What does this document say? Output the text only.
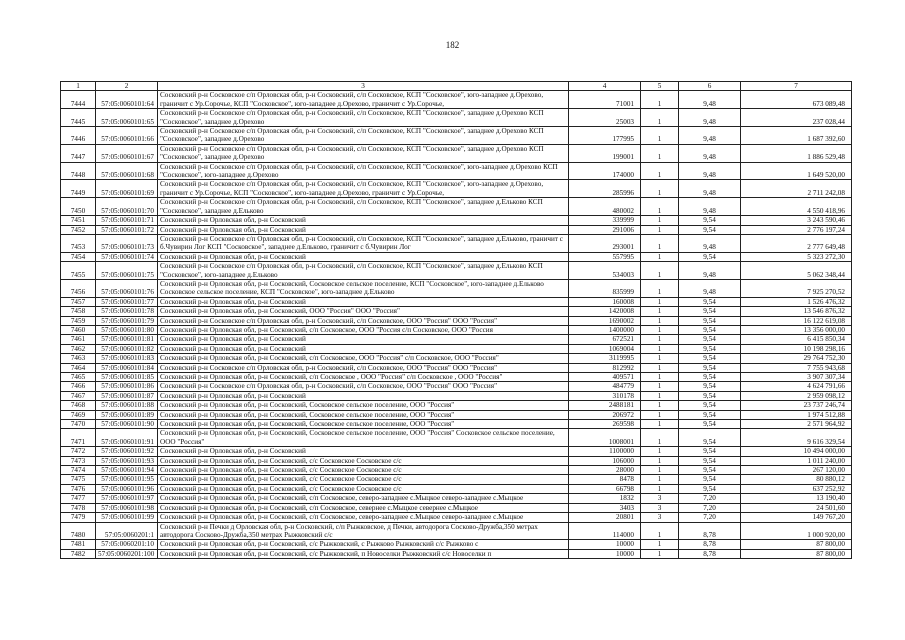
182
1	2	3	4	5	6	7
7444	57:05:0060101:64	Сосковский р-н Сосковское с/п Орловская обл, р-н Сосковский, с/п Сосковское, КСП "Сосковское", юго-западнее д.Орехово, граничит с Ур.Сорочье, КСП "Сосковское", юго-западнее д.Орехово, граничит с Ур.Сорочье,	71001	1	9,48	673 089,48
7445	57:05:0060101:65	Сосковский р-н Сосковское с/п Орловская обл, р-н Сосковский, с/п Сосковское, КСП "Сосковское", западнее д.Орехово КСП "Сосковское", западнее д.Орехово	25003	1	9,48	237 028,44
7446	57:05:0060101:66	Сосковский р-н Сосковское с/п Орловская обл, р-н Сосковский, с/п Сосковское, КСП "Сосковское", западнее д.Орехово КСП "Сосковское", западнее д.Орехово	177995	1	9,48	1 687 392,60
7447	57:05:0060101:67	Сосковский р-н Сосковское с/п Орловская обл, р-н Сосковский, с/п Сосковское, КСП "Сосковское", западнее д.Орехово КСП "Сосковское", западнее д.Орехово	199001	1	9,48	1 886 529,48
7448	57:05:0060101:68	Сосковский р-н Сосковское с/п Орловская обл, р-н Сосковский, с/п Сосковское, КСП "Сосковское", юго-западнее д.Орехово КСП "Сосковское", юго-западнее д.Орехово	174000	1	9,48	1 649 520,00
7449	57:05:0060101:69	Сосковский р-н Сосковское с/п Орловская обл, р-н Сосковский, с/п Сосковское, КСП "Сосковское", юго-западнее д.Орехово, граничит с Ур.Сорочье, КСП "Сосковское", юго-западнее д.Орехово, граничит с Ур.Сорочье,	285996	1	9,48	2 711 242,08
7450	57:05:0060101:70	Сосковский р-н Сосковское с/п Орловская обл, р-н Сосковский, с/п Сосковское, КСП "Сосковское", западнее д.Ельково КСП "Сосковское", западнее д.Ельково	480002	1	9,48	4 550 418,96
7451	57:05:0060101:71	Сосковский р-н Орловская обл, р-н Сосковский	339999	1	9,54	3 243 590,46
7452	57:05:0060101:72	Сосковский р-н Орловская обл, р-н Сосковский	291006	1	9,54	2 776 197,24
7453	57:05:0060101:73	Сосковский р-н Сосковское с/п Орловская обл, р-н Сосковский, с/п Сосковское, КСП "Сосковское", западнее д.Ельково, граничит с б.Чувирин Лог КСП "Сосковское", западнее д.Ельково, граничит с б.Чувирин Лог	293001	1	9,48	2 777 649,48
7454	57:05:0060101:74	Сосковский р-н Орловская обл, р-н Сосковский	557995	1	9,54	5 323 272,30
7455	57:05:0060101:75	Сосковский р-н Сосковское с/п Орловская обл, р-н Сосковский, с/п Сосковское, КСП "Сосковское", западнее д.Ельково КСП "Сосковское", юго-западнее д.Ельково	534003	1	9,48	5 062 348,44
7456	57:05:0060101:76	Сосковский р-н Орловская обл, р-н Сосковский, Сосковское сельское поселение, КСП "Сосковское", юго-западнее д.Ельково Сосковское сельское поселение, КСП "Сосковское", юго-западнее д.Ельково	835999	1	9,48	7 925 270,52
7457	57:05:0060101:77	Сосковский р-н Орловская обл, р-н Сосковский	160008	1	9,54	1 526 476,32
7458	57:05:0060101:78	Сосковский р-н Орловская обл, р-н Сосковский, ООО "Россия" ООО "Россия"	1420008	1	9,54	13 546 876,32
7459	57:05:0060101:79	Сосковский р-н Сосковское с/п Орловская обл, р-н Сосковский, с/п Сосковское, ООО "Россия" ООО "Россия"	1690002	1	9,54	16 122 619,08
7460	57:05:0060101:80	Сосковский р-н Орловская обл, р-н Сосковский, с/п Сосковское, ООО "Россия с/п Сосковское, ООО "Россия	1400000	1	9,54	13 356 000,00
7461	57:05:0060101:81	Сосковский р-н Орловская обл, р-н Сосковский	672521	1	9,54	6 415 850,34
7462	57:05:0060101:82	Сосковский р-н Орловская обл, р-н Сосковский	1069004	1	9,54	10 198 298,16
7463	57:05:0060101:83	Сосковский р-н Орловская обл, р-н Сосковский, с/п Сосковское, ООО "Россия" с/п Сосковское, ООО "Россия"	3119995	1	9,54	29 764 752,30
7464	57:05:0060101:84	Сосковский р-н Сосковское с/п Орловская обл, р-н Сосковский, с/п Сосковское, ООО "Россия" ООО "Россия"	812992	1	9,54	7 755 943,68
7465	57:05:0060101:85	Сосковский р-н Орловская обл, р-н Сосковский, с/п Сосковское , ООО "Россия" с/п Сосковское , ООО "Россия"	409571	1	9,54	3 907 307,34
7466	57:05:0060101:86	Сосковский р-н Сосковское с/п Орловская обл, р-н Сосковский, с/п Сосковское, ООО "Россия" ООО "Россия"	484779	1	9,54	4 624 791,66
7467	57:05:0060101:87	Сосковский р-н Орловская обл, р-н Сосковский	310178	1	9,54	2 959 098,12
7468	57:05:0060101:88	Сосковский р-н Орловская обл, р-н Сосковский, Сосковское сельское поселение, ООО "Россия"	2488181	1	9,54	23 737 246,74
7469	57:05:0060101:89	Сосковский р-н Орловская обл, р-н Сосковский, Сосковское сельское поселение, ООО "Россия"	206972	1	9,54	1 974 512,88
7470	57:05:0060101:90	Сосковский р-н Орловская обл, р-н Сосковский, Сосковское сельское поселение, ООО "Россия"	269598	1	9,54	2 571 964,92
7471	57:05:0060101:91	Сосковский р-н Орловская обл, р-н Сосковский, Сосковское сельское поселение, ООО "Россия" Сосковское сельское поселение, ООО "Россия"	1008001	1	9,54	9 616 329,54
7472	57:05:0060101:92	Сосковский р-н Орловская обл, р-н Сосковский	1100000	1	9,54	10 494 000,00
7473	57:05:0060101:93	Сосковский р-н Орловская обл, р-н Сосковский, с/с Сосковское Сосковское с/с	106000	1	9,54	1 011 240,00
7474	57:05:0060101:94	Сосковский р-н Орловская обл, р-н Сосковский, с/с Сосковское Сосковское с/с	28000	1	9,54	267 120,00
7475	57:05:0060101:95	Сосковский р-н Орловская обл, р-н Сосковский, с/с Сосковское Сосковское с/с	8478	1	9,54	80 880,12
7476	57:05:0060101:96	Сосковский р-н Орловская обл, р-н Сосковский, с/с Сосковское Сосковское с/с	66798	1	9,54	637 252,92
7477	57:05:0060101:97	Сосковский р-н Орловская обл, р-н Сосковский, с/п Сосковское, северо-западнее с.Мыцкое северо-западнее с.Мыцкое	1832	3	7,20	13 190,40
7478	57:05:0060101:98	Сосковский р-н Орловская обл, р-н Сосковский, с/п Сосковское, севернее с.Мыцкое севернее с.Мыцкое	3403	3	7,20	24 501,60
7479	57:05:0060101:99	Сосковский р-н Орловская обл, р-н Сосковский, с/п Сосковское, северо-западнее с.Мыцкое северо-западнее с.Мыцкое	20801	3	7,20	149 767,20
7480	57:05:0060201:1	Сосковский р-н Печки д Орловская обл, р-н Сосковский, с/п Рыжковское, д Печки, автодорога Сосково-Дружба,350 метрах автодорога Сосково-Дружба,350 метрах Рыжковский с/с	114000	1	8,78	1 000 920,00
7481	57:05:0060201:10	Сосковский р-н Орловская обл, р-н Сосковский, с/с Рыжковский, с Рыжково Рыжковский с/с Рыжково с	10000	1	8,78	87 800,00
7482	57:05:0060201:100	Сосковский р-н Орловская обл, р-н Сосковский, с/с Рыжковский, п Новоселки Рыжковский с/с Новоселки п	10000	1	8,78	87 800,00
